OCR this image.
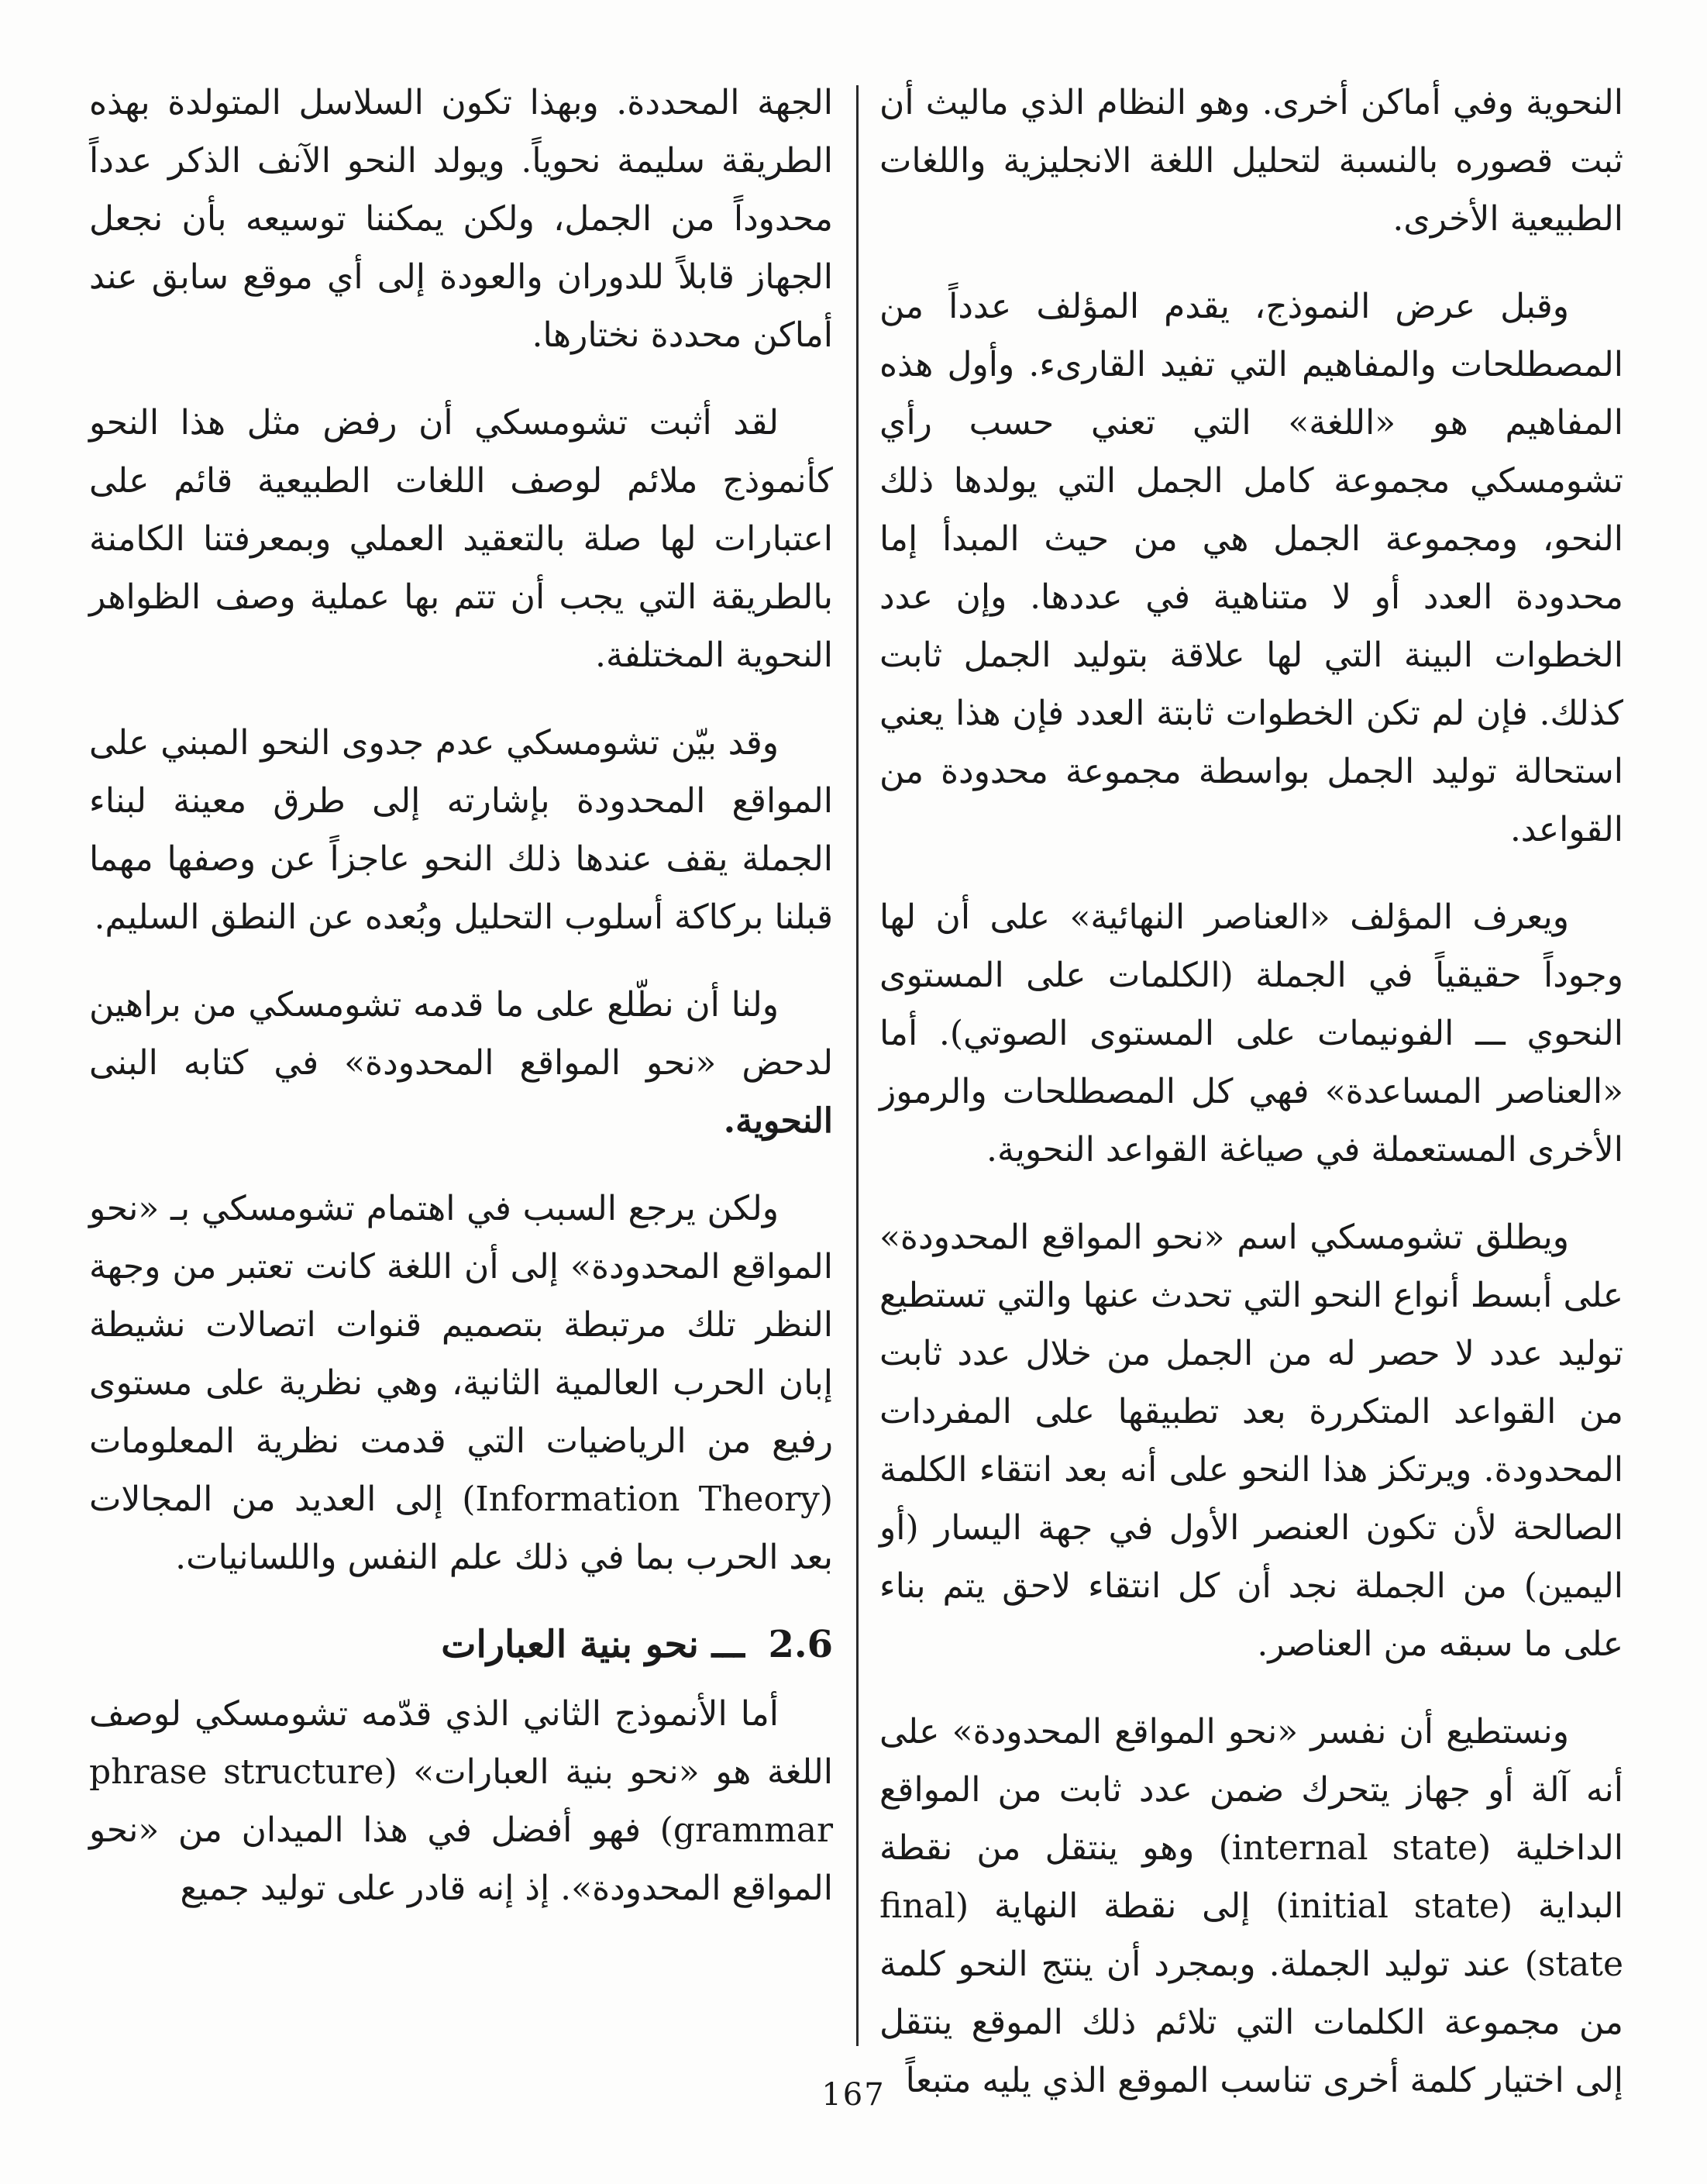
النحوية وفي أماكن أخرى. وهو النظام الذي ماليث أن ثبت قصوره بالنسبة لتحليل اللغة الانجليزية واللغات الطبيعية الأخرى.

وقبل عرض النموذج، يقدم المؤلف عدداً من المصطلحات والمفاهيم التي تفيد القارىء. وأول هذه المفاهيم هو «اللغة» التي تعني حسب رأي تشومسكي مجموعة كامل الجمل التي يولدها ذلك النحو، ومجموعة الجمل هي من حيث المبدأ إما محدودة العدد أو لا متناهية في عددها. وإن عدد الخطوات البينة التي لها علاقة بتوليد الجمل ثابت كذلك. فإن لم تكن الخطوات ثابتة العدد فإن هذا يعني استحالة توليد الجمل بواسطة مجموعة محدودة من القواعد.

ويعرف المؤلف «العناصر النهائية» على أن لها وجوداً حقيقياً في الجملة (الكلمات على المستوى النحوي ـــ الفونيمات على المستوى الصوتي). أما «العناصر المساعدة» فهي كل المصطلحات والرموز الأخرى المستعملة في صياغة القواعد النحوية.

ويطلق تشومسكي اسم «نحو المواقع المحدودة» على أبسط أنواع النحو التي تحدث عنها والتي تستطيع توليد عدد لا حصر له من الجمل من خلال عدد ثابت من القواعد المتكررة بعد تطبيقها على المفردات المحدودة. ويرتكز هذا النحو على أنه بعد انتقاء الكلمة الصالحة لأن تكون العنصر الأول في جهة اليسار (أو اليمين) من الجملة نجد أن كل انتقاء لاحق يتم بناء على ما سبقه من العناصر.

ونستطيع أن نفسر «نحو المواقع المحدودة» على أنه آلة أو جهاز يتحرك ضمن عدد ثابت من المواقع الداخلية (internal state) وهو ينتقل من نقطة البداية (initial state) إلى نقطة النهاية (final state) عند توليد الجملة. وبمجرد أن ينتج النحو كلمة من مجموعة الكلمات التي تلائم ذلك الموقع ينتقل إلى اختيار كلمة أخرى تناسب الموقع الذي يليه متبعاً

الجهة المحددة. وبهذا تكون السلاسل المتولدة بهذه الطريقة سليمة نحوياً. ويولد النحو الآنف الذكر عدداً محدوداً من الجمل، ولكن يمكننا توسيعه بأن نجعل الجهاز قابلاً للدوران والعودة إلى أي موقع سابق عند أماكن محددة نختارها.

لقد أثبت تشومسكي أن رفض مثل هذا النحو كأنموذج ملائم لوصف اللغات الطبيعية قائم على اعتبارات لها صلة بالتعقيد العملي وبمعرفتنا الكامنة بالطريقة التي يجب أن تتم بها عملية وصف الظواهر النحوية المختلفة.

وقد بيّن تشومسكي عدم جدوى النحو المبني على المواقع المحدودة بإشارته إلى طرق معينة لبناء الجملة يقف عندها ذلك النحو عاجزاً عن وصفها مهما قبلنا بركاكة أسلوب التحليل وبُعده عن النطق السليم.

ولنا أن نطّلع على ما قدمه تشومسكي من براهين لدحض «نحو المواقع المحدودة» في كتابه البنى النحوية.

ولكن يرجع السبب في اهتمام تشومسكي بـ «نحو المواقع المحدودة» إلى أن اللغة كانت تعتبر من وجهة النظر تلك مرتبطة بتصميم قنوات اتصالات نشيطة إبان الحرب العالمية الثانية، وهي نظرية على مستوى رفيع من الرياضيات التي قدمت نظرية المعلومات (Information Theory) إلى العديد من المجالات بعد الحرب بما في ذلك علم النفس واللسانيات.

2.6 ـــ نحو بنية العبارات

أما الأنموذج الثاني الذي قدّمه تشومسكي لوصف اللغة هو «نحو بنية العبارات» (phrase structure grammar) فهو أفضل في هذا الميدان من «نحو المواقع المحدودة». إذ إنه قادر على توليد جميع

167
